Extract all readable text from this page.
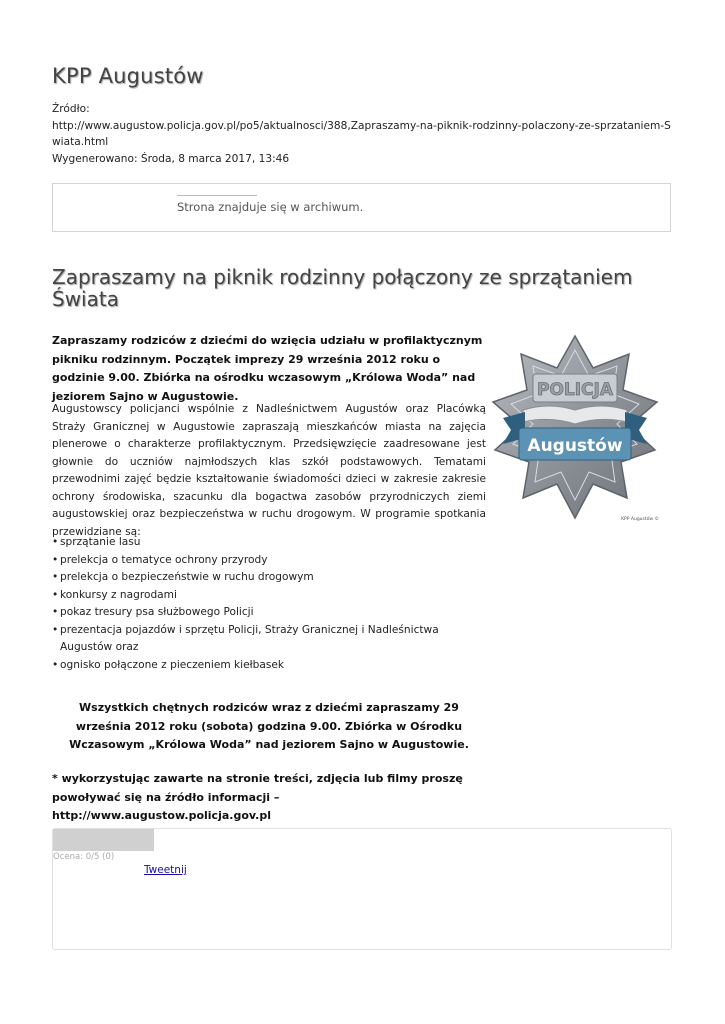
KPP Augustów
Źródło:
http://www.augustow.policja.gov.pl/po5/aktualnosci/388,Zapraszamy-na-piknik-rodzinny-polaczony-ze-sprzataniem-Swiata.html
Wygenerowano: Środa, 8 marca 2017, 13:46
Strona znajduje się w archiwum.
Zapraszamy na piknik rodzinny połączony ze sprzątaniem Świata

Zapraszamy rodziców z dziećmi do wzięcia udziału w profilaktycznym pikniku rodzinnym. Początek imprezy 29 września 2012 roku o godzinie 9.00. Zbiórka na ośrodku wczasowym „Królowa Woda” nad jeziorem Sajno w Augustowie.	POLICJA
Augustów
KPP Augustów ©

Augustowscy policjanci wspólnie z Nadleśnictwem Augustów oraz Placówką Straży Granicznej w Augustowie zapraszają mieszkańców miasta na zajęcia plenerowe o charakterze profilaktycznym. Przedsięwzięcie zaadresowane jest głownie do uczniów najmłodszych klas szkół podstawowych. Tematami przewodnimi zajęć będzie kształtowanie świadomości dzieci w zakresie zakresie ochrony środowiska, szacunku dla bogactwa zasobów przyrodniczych ziemi augustowskiej oraz bezpieczeństwa w ruchu drogowym. W programie spotkania przewidziane są:

• sprzątanie lasu
• prelekcja o tematyce ochrony przyrody
• prelekcja o bezpieczeństwie w ruchu drogowym
• konkursy z nagrodami
• pokaz tresury psa służbowego Policji
• prezentacja pojazdów i sprzętu Policji, Straży Granicznej i Nadleśnictwa Augustów oraz
• ognisko połączone z pieczeniem kiełbasek

Wszystkich chętnych rodziców wraz z dziećmi zapraszamy 29 września 2012 roku (sobota) godzina 9.00. Zbiórka w Ośrodku Wczasowym „Królowa Woda” nad jeziorem Sajno w Augustowie.

* wykorzystując zawarte na stronie treści, zdjęcia lub filmy proszę powoływać się na źródło informacji – http://www.augustow.policja.gov.pl

Ocena: 0/5 (0)
Tweetnij
